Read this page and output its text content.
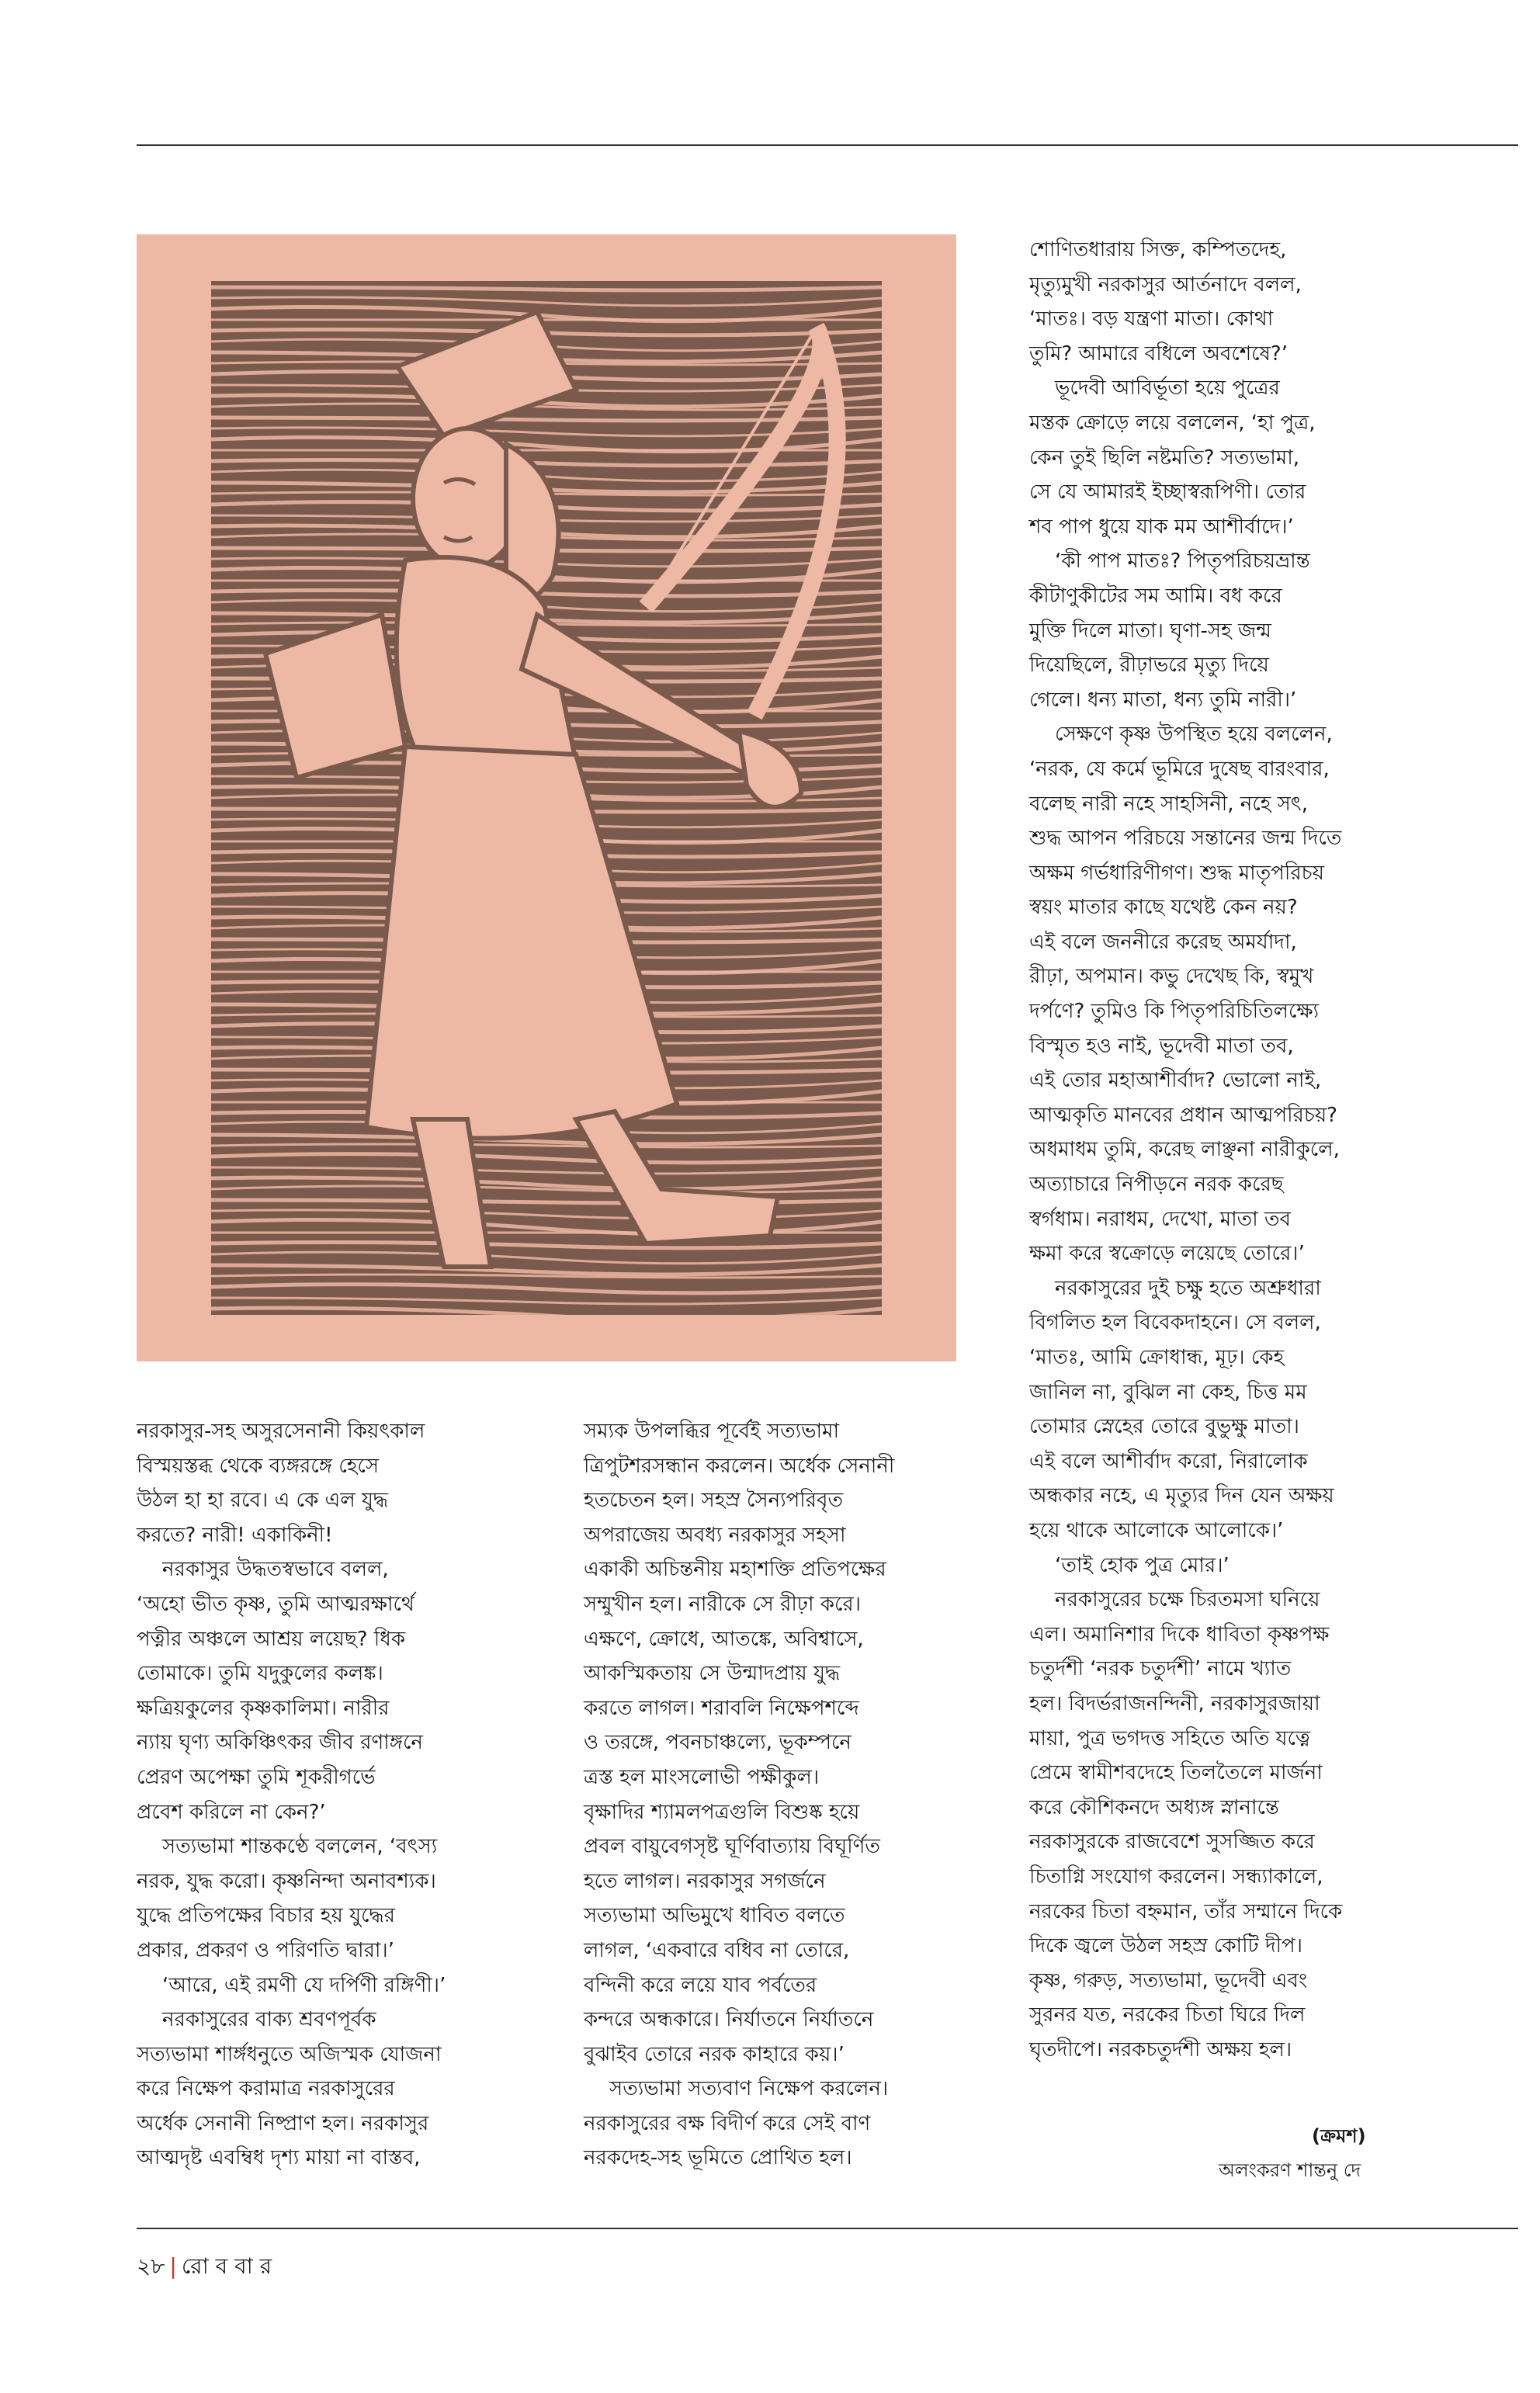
নরকাসুর-সহ অসুরসেনানী কিয়ৎকাল

বিস্ময়স্তব্ধ থেকে ব্যঙ্গরঙ্গে হেসে

উঠল হা হা রবে। এ কে এল যুদ্ধ

করতে? নারী! একাকিনী!

নরকাসুর উদ্ধতস্বভাবে বলল,

‘অহো ভীত কৃষ্ণ, তুমি আত্মরক্ষার্থে

পত্নীর অঞ্চলে আশ্রয় লয়েছ? ধিক

তোমাকে। তুমি যদুকুলের কলঙ্ক।

ক্ষত্রিয়কুলের কৃষ্ণকালিমা। নারীর

ন্যায় ঘৃণ্য অকিঞ্চিৎকর জীব রণাঙ্গনে

প্রেরণ অপেক্ষা তুমি শূকরীগর্ভে

প্রবেশ করিলে না কেন?’

সত্যভামা শান্তকণ্ঠে বললেন, ‘বৎস্য

নরক, যুদ্ধ করো। কৃষ্ণনিন্দা অনাবশ্যক।

যুদ্ধে প্রতিপক্ষের বিচার হয় যুদ্ধের

প্রকার, প্রকরণ ও পরিণতি দ্বারা।’

‘আরে, এই রমণী যে দর্পিণী রঙ্গিণী।’

নরকাসুরের বাক্য শ্রবণপূর্বক

সত্যভামা শার্ঙ্গধনুতে অজিস্মক যোজনা

করে নিক্ষেপ করামাত্র নরকাসুরের

অর্ধেক সেনানী নিষ্প্রাণ হল। নরকাসুর

আত্মদৃষ্ট এবম্বিধ দৃশ্য মায়া না বাস্তব,

সম্যক উপলব্ধির পূর্বেই সত্যভামা

ত্রিপুটশরসন্ধান করলেন। অর্ধেক সেনানী

হতচেতন হল। সহস্র সৈন্যপরিবৃত

অপরাজেয় অবধ্য নরকাসুর সহসা

একাকী অচিন্তনীয় মহাশক্তি প্রতিপক্ষের

সম্মুখীন হল। নারীকে সে রীঢ়া করে।

এক্ষণে, ক্রোধে, আতঙ্কে, অবিশ্বাসে,

আকস্মিকতায় সে উন্মাদপ্রায় যুদ্ধ

করতে লাগল। শরাবলি নিক্ষেপশব্দে

ও তরঙ্গে, পবনচাঞ্চল্যে, ভূকম্পনে

ত্রস্ত হল মাংসলোভী পক্ষীকুল।

বৃক্ষাদির শ্যামলপত্রগুলি বিশুষ্ক হয়ে

প্রবল বায়ুবেগসৃষ্ট ঘূর্ণিবাত্যায় বিঘূর্ণিত

হতে লাগল। নরকাসুর সগর্জনে

সত্যভামা অভিমুখে ধাবিত বলতে

লাগল, ‘একবারে বধিব না তোরে,

বন্দিনী করে লয়ে যাব পর্বতের

কন্দরে অন্ধকারে। নির্যাতনে নির্যাতনে

বুঝাইব তোরে নরক কাহারে কয়।’

সত্যভামা সত্যবাণ নিক্ষেপ করলেন।

নরকাসুরের বক্ষ বিদীর্ণ করে সেই বাণ

নরকদেহ-সহ ভূমিতে প্রোথিত হল।

শোণিতধারায় সিক্ত, কম্পিতদেহ,

মৃত্যুমুখী নরকাসুর আর্তনাদে বলল,

‘মাতঃ। বড় যন্ত্রণা মাতা। কোথা

তুমি? আমারে বধিলে অবশেষে?’

ভূদেবী আবির্ভূতা হয়ে পুত্রের

মস্তক ক্রোড়ে লয়ে বললেন, ‘হা পুত্র,

কেন তুই ছিলি নষ্টমতি? সত্যভামা,

সে যে আমারই ইচ্ছাস্বরূপিণী। তোর

শব পাপ ধুয়ে যাক মম আশীর্বাদে।’

‘কী পাপ মাতঃ? পিতৃপরিচয়ভ্রান্ত

কীটাণুকীটের সম আমি। বধ করে

মুক্তি দিলে মাতা। ঘৃণা-সহ জন্ম

দিয়েছিলে, রীঢ়াভরে মৃত্যু দিয়ে

গেলে। ধন্য মাতা, ধন্য তুমি নারী।’

সেক্ষণে কৃষ্ণ উপস্থিত হয়ে বললেন,

‘নরক, যে কর্মে ভূমিরে দুষেছ বারংবার,

বলেছ নারী নহে সাহসিনী, নহে সৎ,

শুদ্ধ আপন পরিচয়ে সন্তানের জন্ম দিতে

অক্ষম গর্ভধারিণীগণ। শুদ্ধ মাতৃপরিচয়

স্বয়ং মাতার কাছে যথেষ্ট কেন নয়?

এই বলে জননীরে করেছ অমর্যাদা,

রীঢ়া, অপমান। কভু দেখেছ কি, স্বমুখ

দর্পণে? তুমিও কি পিতৃপরিচিতিলক্ষ্যে

বিস্মৃত হও নাই, ভূদেবী মাতা তব,

এই তোর মহাআশীর্বাদ? ভোলো নাই,

আত্মকৃতি মানবের প্রধান আত্মপরিচয়?

অধমাধম তুমি, করেছ লাঞ্ছনা নারীকুলে,

অত্যাচারে নিপীড়নে নরক করেছ

স্বর্গধাম। নরাধম, দেখো, মাতা তব

ক্ষমা করে স্বক্রোড়ে লয়েছে তোরে।’

নরকাসুরের দুই চক্ষু হতে অশ্রুধারা

বিগলিত হল বিবেকদাহনে। সে বলল,

‘মাতঃ, আমি ক্রোধান্ধ, মূঢ়। কেহ

জানিল না, বুঝিল না কেহ, চিত্ত মম

তোমার স্নেহের তোরে বুভুক্ষু মাতা।

এই বলে আশীর্বাদ করো, নিরালোক

অন্ধকার নহে, এ মৃত্যুর দিন যেন অক্ষয়

হয়ে থাকে আলোকে আলোকে।’

‘তাই হোক পুত্র মোর।’

নরকাসুরের চক্ষে চিরতমসা ঘনিয়ে

এল। অমানিশার দিকে ধাবিতা কৃষ্ণপক্ষ

চতুর্দশী ‘নরক চতুর্দশী’ নামে খ্যাত

হল। বিদর্ভরাজনন্দিনী, নরকাসুরজায়া

মায়া, পুত্র ভগদত্ত সহিতে অতি যত্নে

প্রেমে স্বামীশবদেহে তিলতৈলে মার্জনা

করে কৌশিকনদে অধ্যঙ্গ স্নানান্তে

নরকাসুরকে রাজবেশে সুসজ্জিত করে

চিতাগ্নি সংযোগ করলেন। সন্ধ্যাকালে,

নরকের চিতা বহ্নমান, তাঁর সম্মানে দিকে

দিকে জ্বলে উঠল সহস্র কোটি দীপ।

কৃষ্ণ, গরুড়, সত্যভামা, ভূদেবী এবং

সুরনর যত, নরকের চিতা ঘিরে দিল

ঘৃতদীপে। নরকচতুর্দশী অক্ষয় হল।

(ক্রমশ)
অলংকরণ শান্তনু দে
২৮ | রো ব বা র
